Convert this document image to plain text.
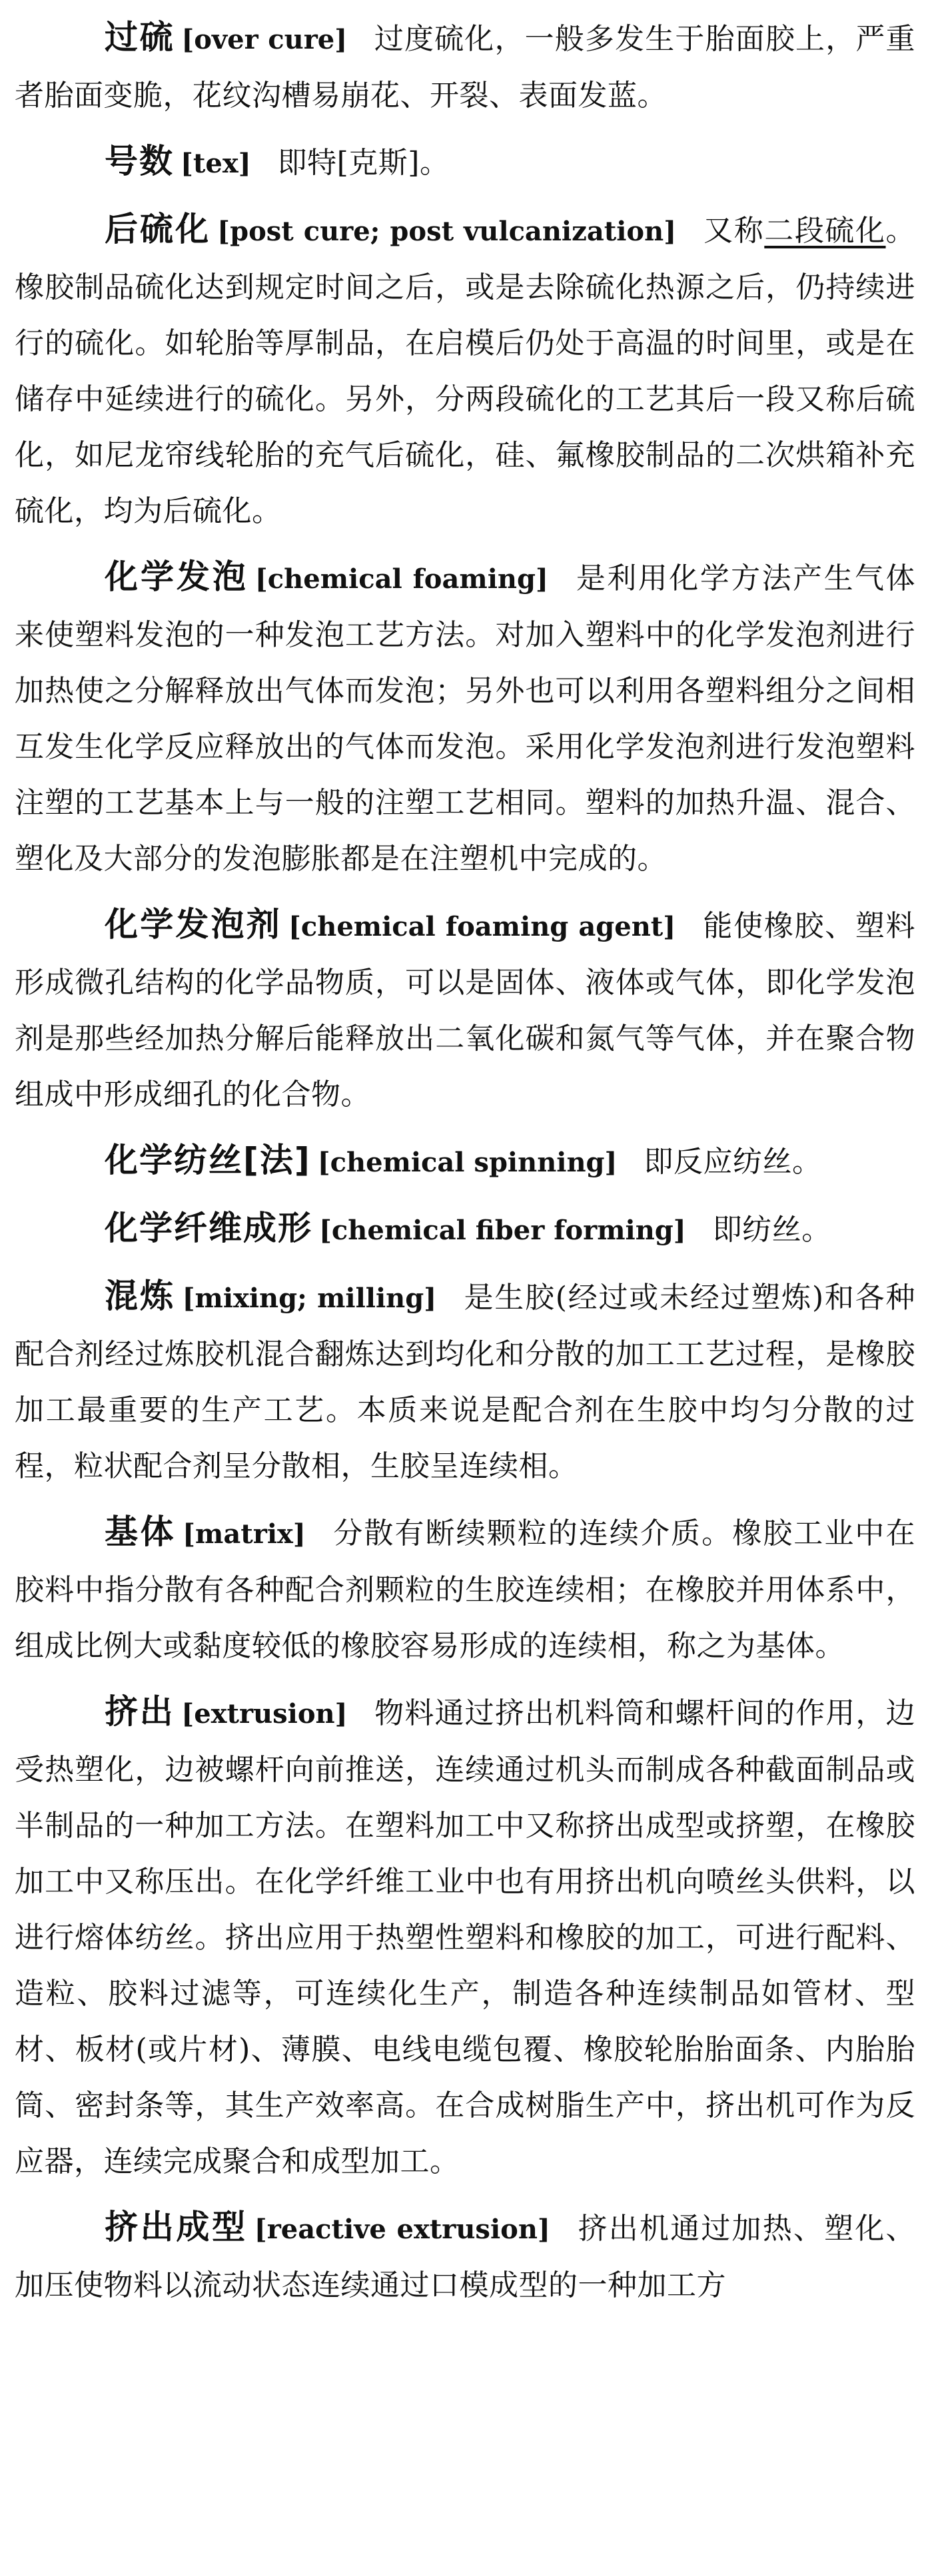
过硫 [over cure] 过度硫化，一般多发生于胎面胶上，严重者胎面变脆，花纹沟槽易崩花、开裂、表面发蓝。

号数 [tex] 即特[克斯]。

后硫化 [post cure; post vulcanization] 又称二段硫化。橡胶制品硫化达到规定时间之后，或是去除硫化热源之后，仍持续进行的硫化。如轮胎等厚制品，在启模后仍处于高温的时间里，或是在储存中延续进行的硫化。另外，分两段硫化的工艺其后一段又称后硫化，如尼龙帘线轮胎的充气后硫化，硅、氟橡胶制品的二次烘箱补充硫化，均为后硫化。

化学发泡 [chemical foaming] 是利用化学方法产生气体来使塑料发泡的一种发泡工艺方法。对加入塑料中的化学发泡剂进行加热使之分解释放出气体而发泡；另外也可以利用各塑料组分之间相互发生化学反应释放出的气体而发泡。采用化学发泡剂进行发泡塑料注塑的工艺基本上与一般的注塑工艺相同。塑料的加热升温、混合、塑化及大部分的发泡膨胀都是在注塑机中完成的。

化学发泡剂 [chemical foaming agent] 能使橡胶、塑料形成微孔结构的化学品物质，可以是固体、液体或气体，即化学发泡剂是那些经加热分解后能释放出二氧化碳和氮气等气体，并在聚合物组成中形成细孔的化合物。

化学纺丝[法] [chemical spinning] 即反应纺丝。

化学纤维成形 [chemical fiber forming] 即纺丝。

混炼 [mixing; milling] 是生胶(经过或未经过塑炼)和各种配合剂经过炼胶机混合翻炼达到均化和分散的加工工艺过程，是橡胶加工最重要的生产工艺。本质来说是配合剂在生胶中均匀分散的过程，粒状配合剂呈分散相，生胶呈连续相。

基体 [matrix] 分散有断续颗粒的连续介质。橡胶工业中在胶料中指分散有各种配合剂颗粒的生胶连续相；在橡胶并用体系中，组成比例大或黏度较低的橡胶容易形成的连续相，称之为基体。

挤出 [extrusion] 物料通过挤出机料筒和螺杆间的作用，边受热塑化，边被螺杆向前推送，连续通过机头而制成各种截面制品或半制品的一种加工方法。在塑料加工中又称挤出成型或挤塑，在橡胶加工中又称压出。在化学纤维工业中也有用挤出机向喷丝头供料，以进行熔体纺丝。挤出应用于热塑性塑料和橡胶的加工，可进行配料、造粒、胶料过滤等，可连续化生产，制造各种连续制品如管材、型材、板材(或片材)、薄膜、电线电缆包覆、橡胶轮胎胎面条、内胎胎筒、密封条等，其生产效率高。在合成树脂生产中，挤出机可作为反应器，连续完成聚合和成型加工。

挤出成型 [reactive extrusion] 挤出机通过加热、塑化、加压使物料以流动状态连续通过口模成型的一种加工方
